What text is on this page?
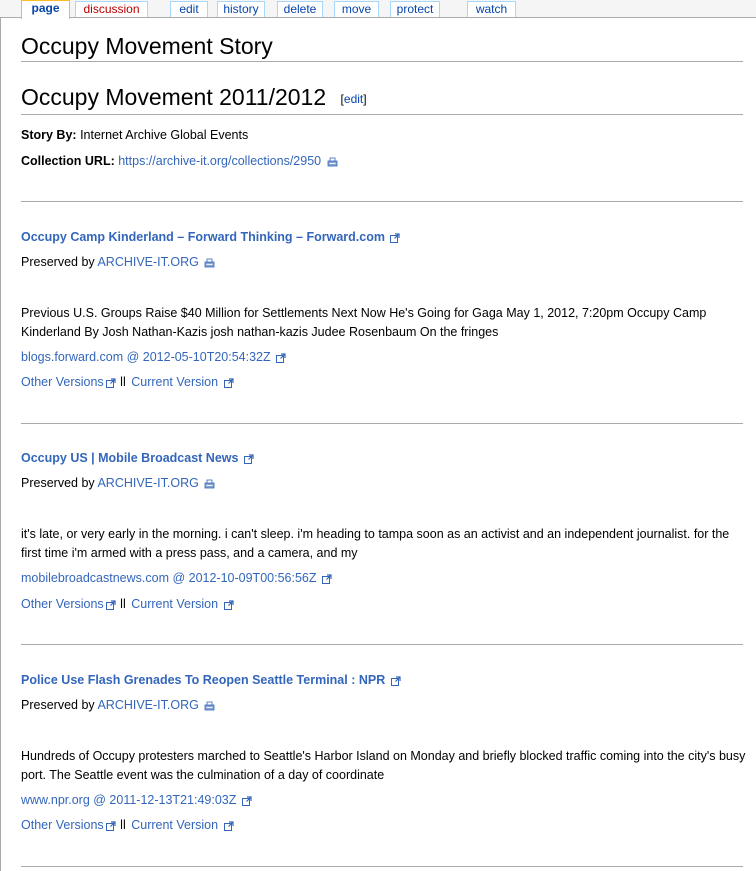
page	discussion	edit	history	delete	move	protect	watch
Occupy Movement Story
Occupy Movement 2011/2012 [edit]
Story By: Internet Archive Global Events
Collection URL: https://archive-it.org/collections/2950
Occupy Camp Kinderland – Forward Thinking – Forward.com
Preserved by ARCHIVE-IT.ORG
Previous U.S. Groups Raise $40 Million for Settlements Next Now He's Going for Gaga May 1, 2012, 7:20pm Occupy Camp Kinderland By Josh Nathan-Kazis josh nathan-kazis Judee Rosenbaum On the fringes
blogs.forward.com @ 2012-05-10T20:54:32Z
Other Versions ll Current Version
Occupy US | Mobile Broadcast News
Preserved by ARCHIVE-IT.ORG
it's late, or very early in the morning. i can't sleep. i'm heading to tampa soon as an activist and an independent journalist. for the first time i'm armed with a press pass, and a camera, and my
mobilebroadcastnews.com @ 2012-10-09T00:56:56Z
Other Versions ll Current Version
Police Use Flash Grenades To Reopen Seattle Terminal : NPR
Preserved by ARCHIVE-IT.ORG
Hundreds of Occupy protesters marched to Seattle's Harbor Island on Monday and briefly blocked traffic coming into the city's busy port. The Seattle event was the culmination of a day of coordinate
www.npr.org @ 2011-12-13T21:49:03Z
Other Versions ll Current Version
